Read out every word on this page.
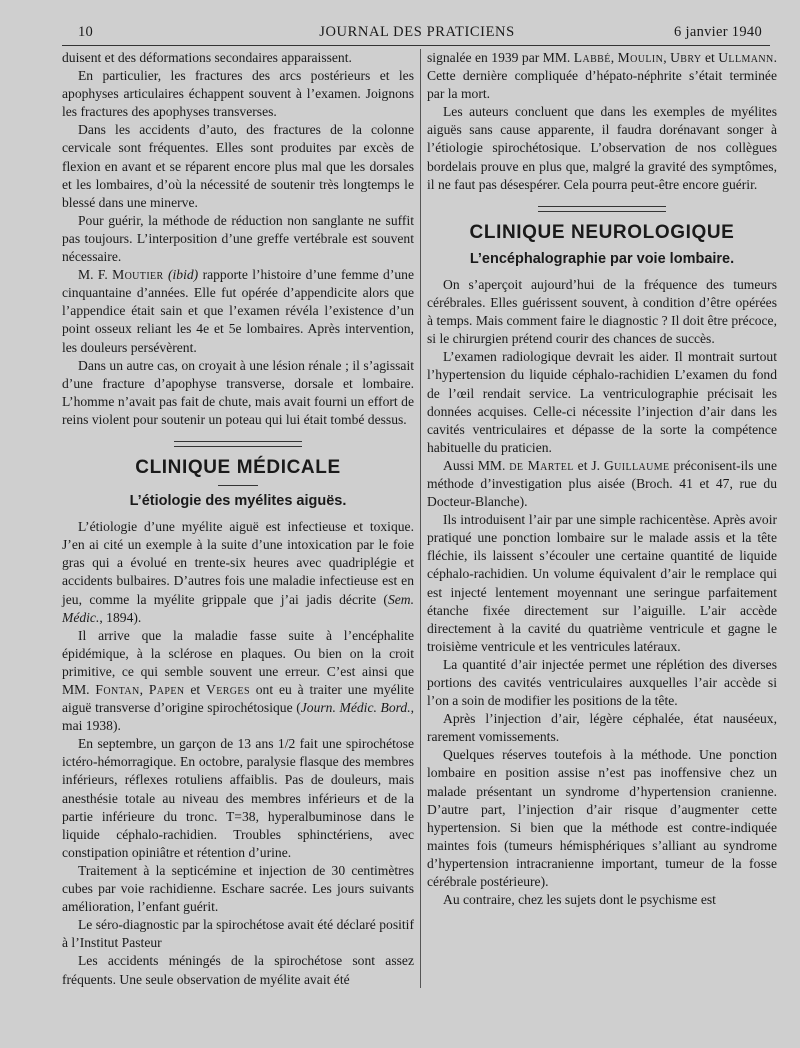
10	JOURNAL DES PRATICIENS	6 janvier 1940

duisent et des déformations secondaires apparaissent.

En particulier, les fractures des arcs postérieurs et les apophyses articulaires échappent souvent à l’examen. Joignons les fractures des apophyses transverses.

Dans les accidents d’auto, des fractures de la colonne cervicale sont fréquentes. Elles sont produites par excès de flexion en avant et se réparent encore plus mal que les dorsales et les lombaires, d’où la nécessité de soutenir très longtemps le blessé dans une minerve.

Pour guérir, la méthode de réduction non sanglante ne suffit pas toujours. L’interposition d’une greffe vertébrale est souvent nécessaire.

M. F. Moutier (ibid) rapporte l’histoire d’une femme d’une cinquantaine d’années. Elle fut opérée d’appendicite alors que l’appendice était sain et que l’examen révéla l’existence d’un point osseux reliant les 4e et 5e lombaires. Après intervention, les douleurs persévèrent.

Dans un autre cas, on croyait à une lésion rénale ; il s’agissait d’une fracture d’apophyse transverse, dorsale et lombaire. L’homme n’avait pas fait de chute, mais avait fourni un effort de reins violent pour soutenir un poteau qui lui était tombé dessus.

CLINIQUE MÉDICALE
L’étiologie des myélites aiguës.

L’étiologie d’une myélite aiguë est infectieuse et toxique. J’en ai cité un exemple à la suite d’une intoxication par le foie gras qui a évolué en trente-six heures avec quadriplégie et accidents bulbaires. D’autres fois une maladie infectieuse est en jeu, comme la myélite grippale que j’ai jadis décrite (Sem. Médic., 1894).

Il arrive que la maladie fasse suite à l’encéphalite épidémique, à la sclérose en plaques. Ou bien on la croit primitive, ce qui semble souvent une erreur. C’est ainsi que MM. Fontan, Papen et Verges ont eu à traiter une myélite aiguë transverse d’origine spirochétosique (Journ. Médic. Bord., mai 1938).

En septembre, un garçon de 13 ans 1/2 fait une spirochétose ictéro-hémorragique. En octobre, paralysie flasque des membres inférieurs, réflexes rotuliens affaiblis. Pas de douleurs, mais anesthésie totale au niveau des membres inférieurs et de la partie inférieure du tronc. T=38, hyperalbuminose dans le liquide céphalo-rachidien. Troubles sphinctériens, avec constipation opiniâtre et rétention d’urine.

Traitement à la septicémine et injection de 30 centimètres cubes par voie rachidienne. Eschare sacrée. Les jours suivants amélioration, l’enfant guérit.

Le séro-diagnostic par la spirochétose avait été déclaré positif à l’Institut Pasteur

Les accidents méningés de la spirochétose sont assez fréquents. Une seule observation de myélite avait été

signalée en 1939 par MM. Labbé, Moulin, Ubry et Ullmann. Cette dernière compliquée d’hépato-néphrite s’était terminée par la mort.

Les auteurs concluent que dans les exemples de myélites aiguës sans cause apparente, il faudra dorénavant songer à l’étiologie spirochétosique. L’observation de nos collègues bordelais prouve en plus que, malgré la gravité des symptômes, il ne faut pas désespérer. Cela pourra peut-être encore guérir.

CLINIQUE NEUROLOGIQUE
L’encéphalographie par voie lombaire.

On s’aperçoit aujourd’hui de la fréquence des tumeurs cérébrales. Elles guérissent souvent, à condition d’être opérées à temps. Mais comment faire le diagnostic ? Il doit être précoce, si le chirurgien prétend courir des chances de succès.

L’examen radiologique devrait les aider. Il montrait surtout l’hypertension du liquide céphalo-rachidien L’examen du fond de l’œil rendait service. La ventriculographie précisait les données acquises. Celle-ci nécessite l’injection d’air dans les cavités ventriculaires et dépasse de la sorte la compétence habituelle du praticien.

Aussi MM. de Martel et J. Guillaume préconisent-ils une méthode d’investigation plus aisée (Broch. 41 et 47, rue du Docteur-Blanche).

Ils introduisent l’air par une simple rachicentèse. Après avoir pratiqué une ponction lombaire sur le malade assis et la tête fléchie, ils laissent s’écouler une certaine quantité de liquide céphalo-rachidien. Un volume équivalent d’air le remplace qui est injecté lentement moyennant une seringue parfaitement étanche fixée directement sur l’aiguille. L’air accède directement à la cavité du quatrième ventricule et gagne le troisième ventricule et les ventricules latéraux.

La quantité d’air injectée permet une réplétion des diverses portions des cavités ventriculaires auxquelles l’air accède si l’on a soin de modifier les positions de la tête.

Après l’injection d’air, légère céphalée, état nauséeux, rarement vomissements.

Quelques réserves toutefois à la méthode. Une ponction lombaire en position assise n’est pas inoffensive chez un malade présentant un syndrome d’hypertension cranienne. D’autre part, l’injection d’air risque d’augmenter cette hypertension. Si bien que la méthode est contre-indiquée maintes fois (tumeurs hémisphériques s’alliant au syndrome d’hypertension intracranienne important, tumeur de la fosse cérébrale postérieure).

Au contraire, chez les sujets dont le psychisme est
